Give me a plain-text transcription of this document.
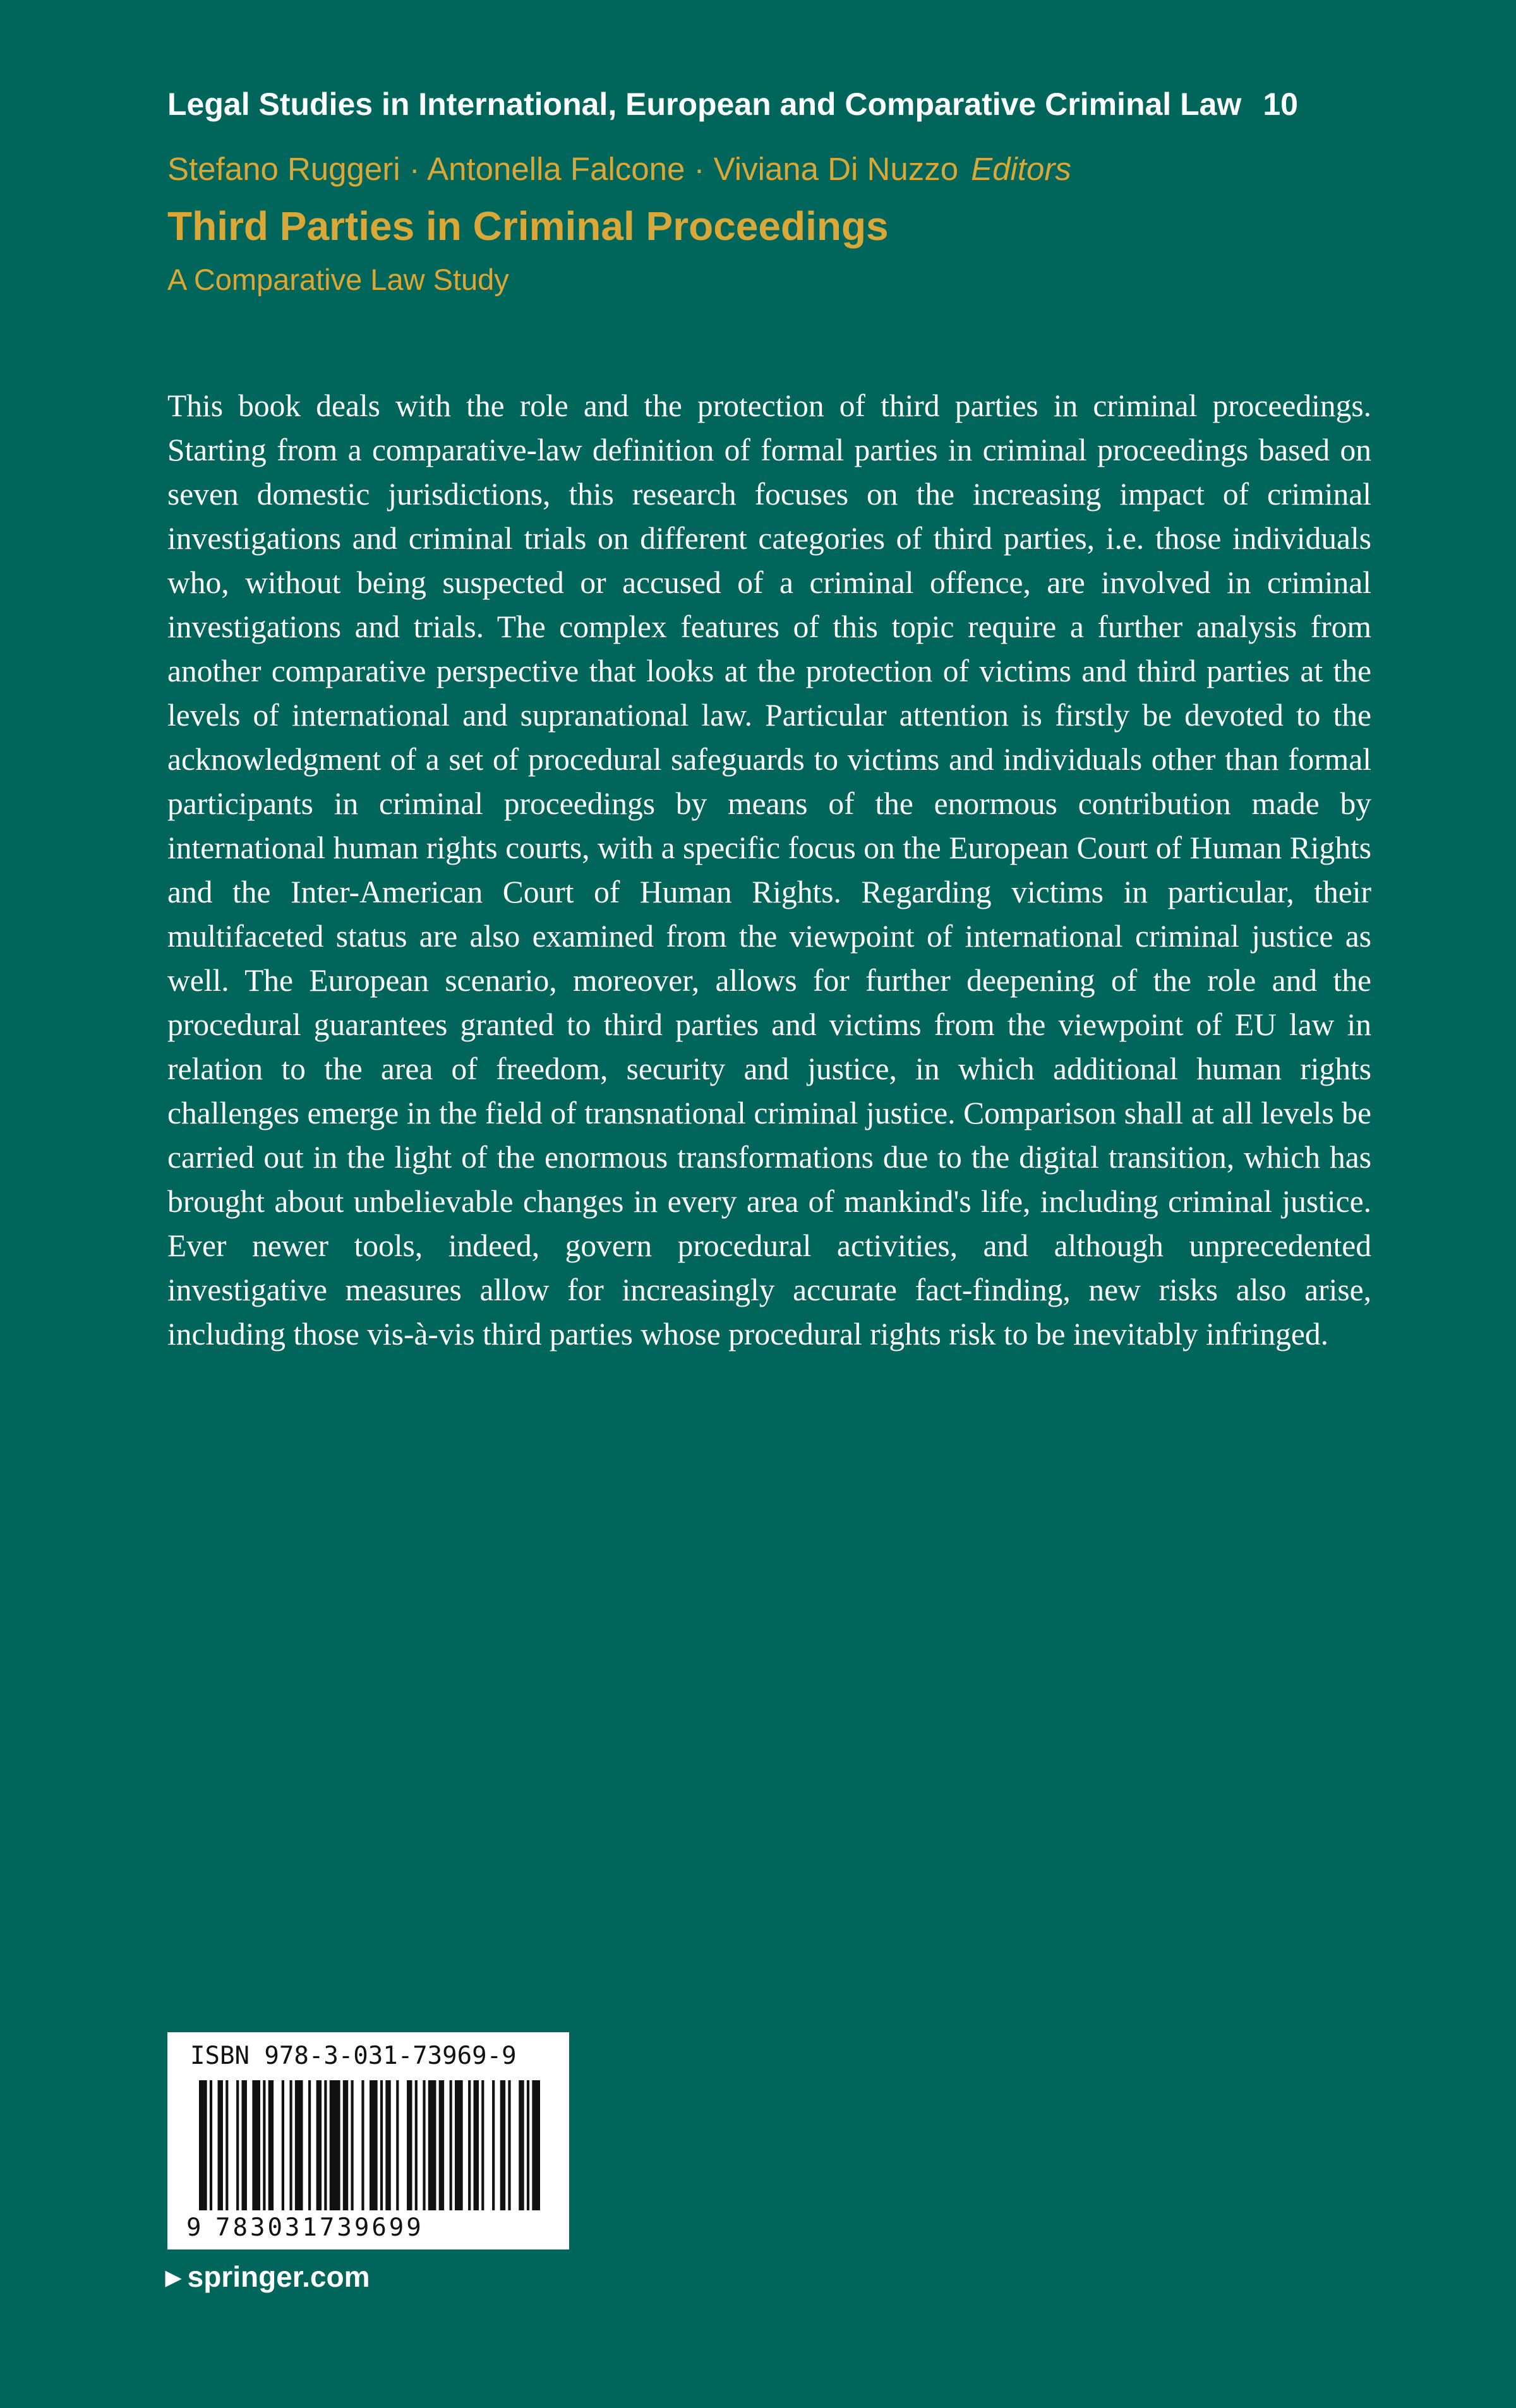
Legal Studies in International, European and Comparative Criminal Law 10
Stefano Ruggeri · Antonella Falcone · Viviana Di Nuzzo Editors
Third Parties in Criminal Proceedings
A Comparative Law Study

This book deals with the role and the protection of third parties in criminal proceedings. Starting from a comparative-law definition of formal parties in criminal proceedings based on seven domestic jurisdictions, this research focuses on the increasing impact of criminal investigations and criminal trials on different categories of third parties, i.e. those individuals who, without being suspected or accused of a criminal offence, are involved in criminal investigations and trials. The complex features of this topic require a further analysis from another comparative perspective that looks at the protection of victims and third parties at the levels of international and supranational law. Particular attention is firstly be devoted to the acknowledgment of a set of procedural safeguards to victims and individuals other than formal participants in criminal proceedings by means of the enormous contribution made by international human rights courts, with a specific focus on the European Court of Human Rights and the Inter-American Court of Human Rights. Regarding victims in particular, their multifaceted status are also examined from the viewpoint of international criminal justice as well. The European scenario, moreover, allows for further deepening of the role and the procedural guarantees granted to third parties and victims from the viewpoint of EU law in relation to the area of freedom, security and justice, in which additional human rights challenges emerge in the field of transnational criminal justice. Comparison shall at all levels be carried out in the light of the enormous transformations due to the digital transition, which has brought about unbelievable changes in every area of mankind's life, including criminal justice. Ever newer tools, indeed, govern procedural activities, and although unprecedented investigative measures allow for increasingly accurate fact-finding, new risks also arise, including those vis-à-vis third parties whose procedural rights risk to be inevitably infringed.

ISBN 978-3-031-73969-9
9 783031739699
▶ springer.com
